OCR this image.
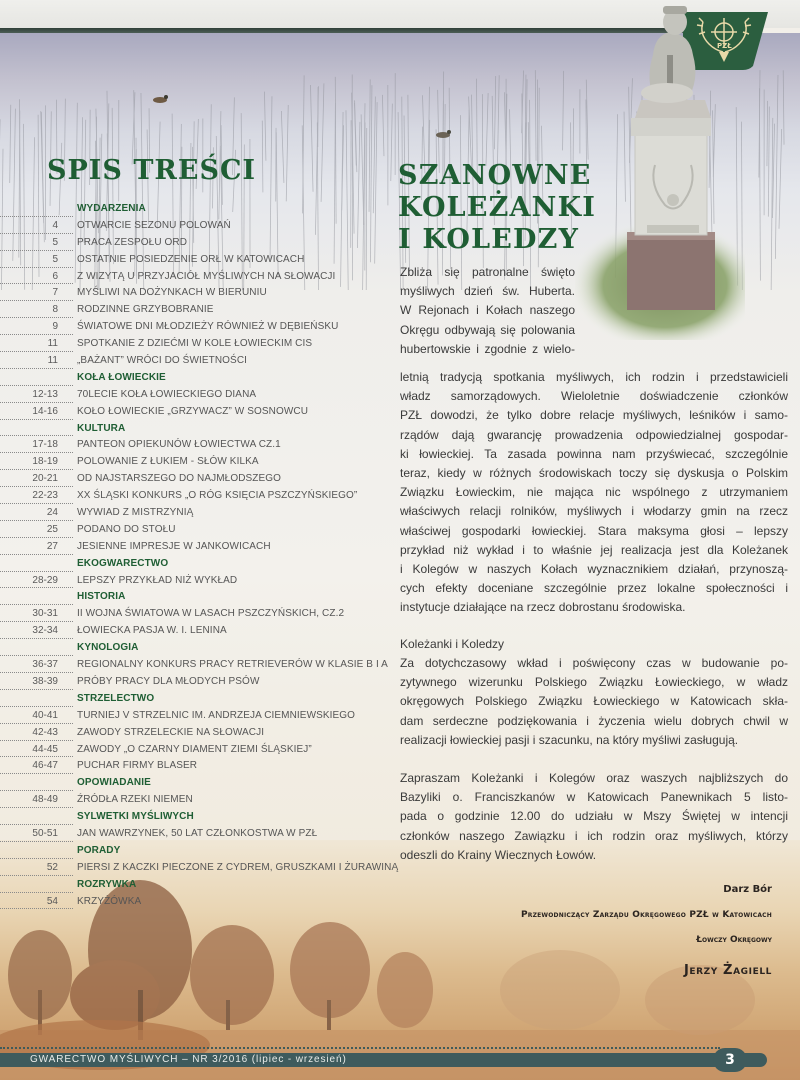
PZŁ
SPIS TREŚCI
WYDARZENIA
4 OTWARCIE SEZONU POLOWAŃ
5 PRACA ZESPOŁU ORD
5 OSTATNIE POSIEDZENIE ORŁ W KATOWICACH
6 Z WIZYTĄ U PRZYJACIÓŁ MYŚLIWYCH NA SŁOWACJI
7 MYŚLIWI NA DOŻYNKACH W BIERUNIU
8 RODZINNE GRZYBOBRANIE
9 ŚWIATOWE DNI MŁODZIEŻY RÓWNIEŻ W DĘBIEŃSKU
11 SPOTKANIE Z DZIEĆMI W KOLE ŁOWIECKIM CIS
11 „BAŻANT” WRÓCI DO ŚWIETNOŚCI
KOŁA ŁOWIECKIE
12-13 70LECIE KOŁA ŁOWIECKIEGO DIANA
14-16 KOŁO ŁOWIECKIE „GRZYWACZ” W SOSNOWCU
KULTURA
17-18 PANTEON OPIEKUNÓW ŁOWIECTWA CZ.1
18-19 POLOWANIE Z ŁUKIEM - SŁÓW KILKA
20-21 OD NAJSTARSZEGO DO NAJMŁODSZEGO
22-23 XX ŚLĄSKI KONKURS „O RÓG KSIĘCIA PSZCZYŃSKIEGO”
24 WYWIAD Z MISTRZYNIĄ
25 PODANO DO STOŁU
27 JESIENNE IMPRESJE W JANKOWICACH
EKOGWARECTWO
28-29 LEPSZY PRZYKŁAD NIŻ WYKŁAD
HISTORIA
30-31 II WOJNA ŚWIATOWA W LASACH PSZCZYŃSKICH, CZ.2
32-34 ŁOWIECKA PASJA W. I. LENINA
KYNOLOGIA
36-37 REGIONALNY KONKURS PRACY RETRIEVERÓW W KLASIE B I A
38-39 PRÓBY PRACY DLA MŁODYCH PSÓW
STRZELECTWO
40-41 TURNIEJ V STRZELNIC IM. ANDRZEJA CIEMNIEWSKIEGO
42-43 ZAWODY STRZELECKIE NA SŁOWACJI
44-45 ZAWODY „O CZARNY DIAMENT ZIEMI ŚLĄSKIEJ”
46-47 PUCHAR FIRMY BLASER
OPOWIADANIE
48-49 ŹRÓDŁA RZEKI NIEMEN
SYLWETKI MYŚLIWYCH
50-51 JAN WAWRZYNEK, 50 LAT CZŁONKOSTWA W PZŁ
PORADY
52 PIERSI Z KACZKI PIECZONE Z CYDREM, GRUSZKAMI I ŻURAWINĄ
ROZRYWKA
54 KRZYŻÓWKA
SZANOWNE
KOLEŻANKI
I KOLEDZY
Zbliża się patronalne święto
myśliwych dzień św. Huberta.
W Rejonach i Kołach naszego
Okręgu odbywają się polowania
hubertowskie i zgodnie z wielo-
letnią tradycją spotkania myśliwych, ich rodzin i przedstawicieli
władz samorządowych. Wieloletnie doświadczenie członków
PZŁ dowodzi, że tylko dobre relacje myśliwych, leśników i samo-
rządów dają gwarancję prowadzenia odpowiedzialnej gospodar-
ki łowieckiej. Ta zasada powinna nam przyświecać, szczególnie
teraz, kiedy w różnych środowiskach toczy się dyskusja o Polskim
Związku Łowieckim, nie mająca nic wspólnego z utrzymaniem
właściwych relacji rolników, myśliwych i włodarzy gmin na rzecz
właściwej gospodarki łowieckiej. Stara maksyma głosi – lepszy
przykład niż wykład i to właśnie jej realizacja jest dla Koleżanek
i Kolegów w naszych Kołach wyznacznikiem działań, przynoszą-
cych efekty doceniane szczególnie przez lokalne społeczności i
instytucje działające na rzecz dobrostanu środowiska.
Koleżanki i Koledzy
Za dotychczasowy wkład i poświęcony czas w budowanie po-
zytywnego wizerunku Polskiego Związku Łowieckiego, w władz
okręgowych Polskiego Związku Łowieckiego w Katowicach skła-
dam serdeczne podziękowania i życzenia wielu dobrych chwil w
realizacji łowieckiej pasji i szacunku, na który myśliwi zasługują.
Zapraszam Koleżanki i Kolegów oraz waszych najbliższych do
Bazyliki o. Franciszkanów w Katowicach Panewnikach 5 listo-
pada o godzinie 12.00 do udziału w Mszy Świętej w intencji
członków naszego Zawiązku i ich rodzin oraz myśliwych, którzy
odeszli do Krainy Wiecznych Łowów.
Darz Bór
Przewodniczący Zarządu Okręgowego PZŁ w Katowicach
Łowczy Okręgowy
Jerzy Żagiell
GWARECTWO MYŚLIWYCH – NR 3/2016 (lipiec - wrzesień)	3
